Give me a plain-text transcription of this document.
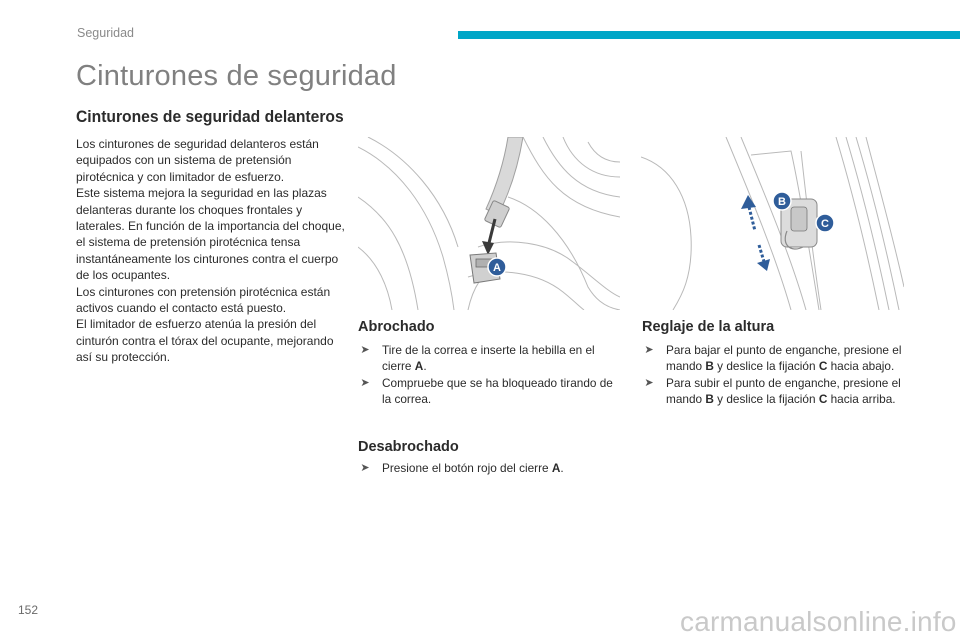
Seguridad
Cinturones de seguridad
Cinturones de seguridad delanteros

Los cinturones de seguridad delanteros están equipados con un sistema de pretensión pirotécnica y con limitador de esfuerzo.

Este sistema mejora la seguridad en las plazas delanteras durante los choques frontales y laterales. En función de la importancia del choque, el sistema de pretensión pirotécnica tensa instantáneamente los cinturones contra el cuerpo de los ocupantes.

Los cinturones con pretensión pirotécnica están activos cuando el contacto está puesto.

El limitador de esfuerzo atenúa la presión del cinturón contra el tórax del ocupante, mejorando así su protección.

A
B
C
Abrochado
➤ Tire de la correa e inserte la hebilla en el cierre A.
➤ Compruebe que se ha bloqueado tirando de la correa.
Desabrochado
➤ Presione el botón rojo del cierre A.
Reglaje de la altura
➤ Para bajar el punto de enganche, presione el mando B y deslice la fijación C hacia abajo.
➤ Para subir el punto de enganche, presione el mando B y deslice la fijación C hacia arriba.
152	carmanualsonline.info
